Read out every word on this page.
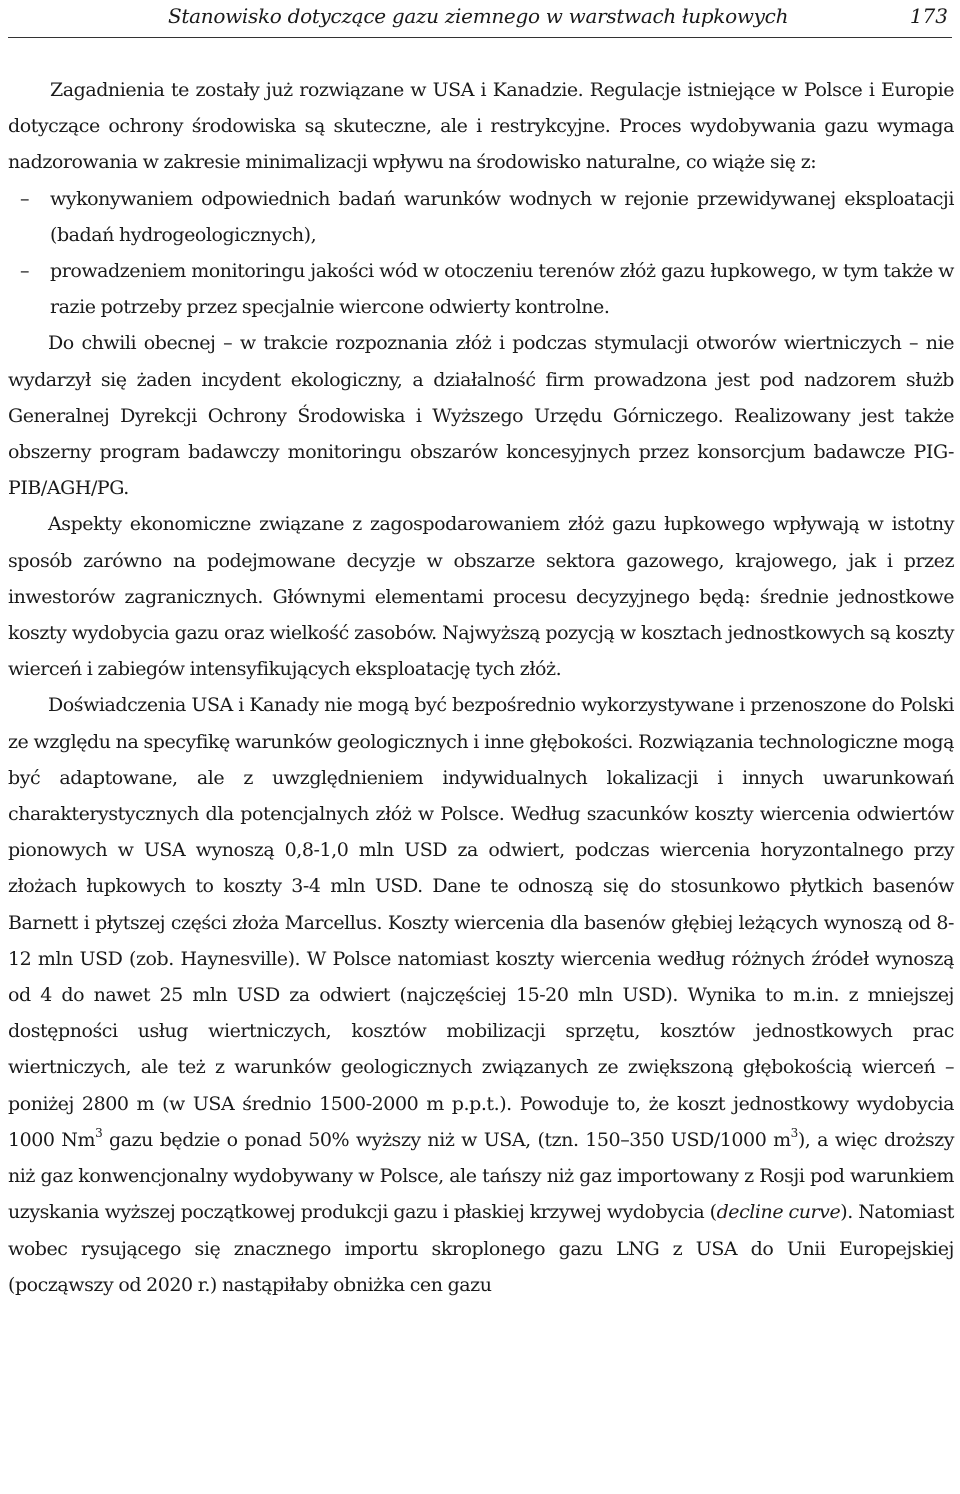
Stanowisko dotyczące gazu ziemnego w warstwach łupkowych	173

Zagadnienia te zostały już rozwiązane w USA i Kanadzie. Regulacje istniejące w Polsce i Europie dotyczące ochrony środowiska są skuteczne, ale i restrykcyjne. Proces wydobywania gazu wymaga nadzorowania w zakresie minimalizacji wpływu na środowisko naturalne, co wiąże się z:

– wykonywaniem odpowiednich badań warunków wodnych w rejonie przewidywanej eksploatacji (badań hydrogeologicznych),
– prowadzeniem monitoringu jakości wód w otoczeniu terenów złóż gazu łupkowego, w tym także w razie potrzeby przez specjalnie wiercone odwierty kontrolne.

Do chwili obecnej – w trakcie rozpoznania złóż i podczas stymulacji otworów wiertniczych – nie wydarzył się żaden incydent ekologiczny, a działalność firm prowadzona jest pod nadzorem służb Generalnej Dyrekcji Ochrony Środowiska i Wyższego Urzędu Górniczego. Realizowany jest także obszerny program badawczy monitoringu obszarów koncesyjnych przez konsorcjum badawcze PIG-PIB/AGH/PG.

Aspekty ekonomiczne związane z zagospodarowaniem złóż gazu łupkowego wpływają w istotny sposób zarówno na podejmowane decyzje w obszarze sektora gazowego, krajowego, jak i przez inwestorów zagranicznych. Głównymi elementami procesu decyzyjnego będą: średnie jednostkowe koszty wydobycia gazu oraz wielkość zasobów. Najwyższą pozycją w kosztach jednostkowych są koszty wierceń i zabiegów intensyfikujących eksploatację tych złóż.

Doświadczenia USA i Kanady nie mogą być bezpośrednio wykorzystywane i przenoszone do Polski ze względu na specyfikę warunków geologicznych i inne głębokości. Rozwiązania technologiczne mogą być adaptowane, ale z uwzględnieniem indywidualnych lokalizacji i innych uwarunkowań charakterystycznych dla potencjalnych złóż w Polsce. Według szacunków koszty wiercenia odwiertów pionowych w USA wynoszą 0,8-1,0 mln USD za odwiert, podczas wiercenia horyzontalnego przy złożach łupkowych to koszty 3-4 mln USD. Dane te odnoszą się do stosunkowo płytkich basenów Barnett i płytszej części złoża Marcellus. Koszty wiercenia dla basenów głębiej leżących wynoszą od 8-12 mln USD (zob. Haynesville). W Polsce natomiast koszty wiercenia według różnych źródeł wynoszą od 4 do nawet 25 mln USD za odwiert (najczęściej 15-20 mln USD). Wynika to m.in. z mniejszej dostępności usług wiertniczych, kosztów mobilizacji sprzętu, kosztów jednostkowych prac wiertniczych, ale też z warunków geologicznych związanych ze zwiększoną głębokością wierceń – poniżej 2800 m (w USA średnio 1500-2000 m p.p.t.). Powoduje to, że koszt jednostkowy wydobycia 1000 Nm$^3$ gazu będzie o ponad 50% wyższy niż w USA, (tzn. 150–350 USD/1000 $m^3$), a więc droższy niż gaz konwencjonalny wydobywany w Polsce, ale tańszy niż gaz importowany z Rosji pod warunkiem uzyskania wyższej początkowej produkcji gazu i płaskiej krzywej wydobycia (decline curve). Natomiast wobec rysującego się znacznego importu skroplonego gazu LNG z USA do Unii Europejskiej (począwszy od 2020 r.) nastąpiłaby obniżka cen gazu
